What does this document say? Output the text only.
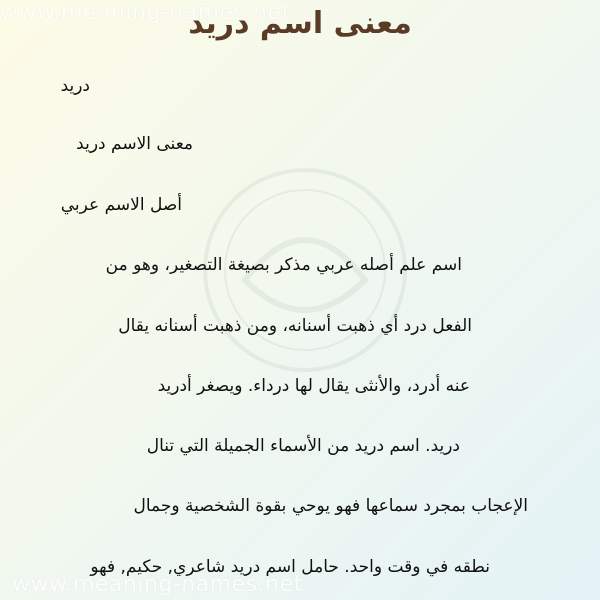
www.meaning-names.net
معنى اسم دريد
دريد
معنى الاسم دريد
أصل الاسم عربي
اسم علم أصله عربي مذكر بصيغة التصغير، وهو من
الفعل درد أي ذهبت أسنانه، ومن ذهبت أسنانه يقال
عنه أدرد، والأنثى يقال لها درداء. ويصغر أدريد
دريد. اسم دريد من الأسماء الجميلة التي تنال
الإعجاب بمجرد سماعها فهو يوحي بقوة الشخصية وجمال
نطقه في وقت واحد. حامل اسم دريد شاعري, حكيم, فهو
www.meaning-names.net
